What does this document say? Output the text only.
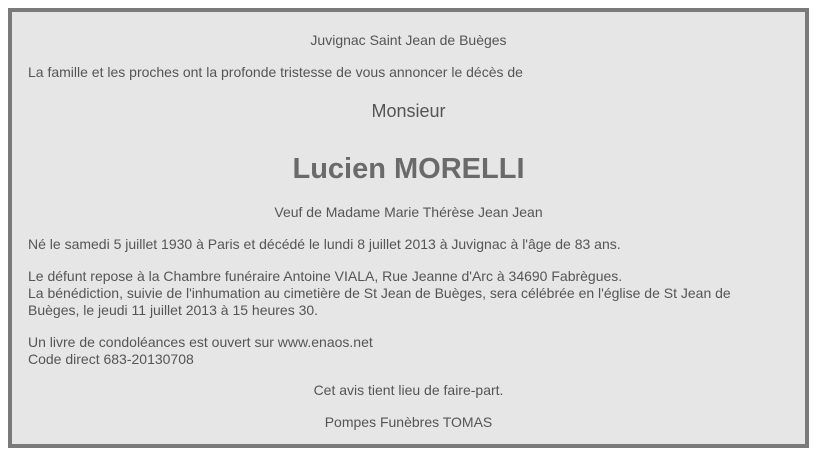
Juvignac Saint Jean de Buèges
La famille et les proches ont la profonde tristesse de vous annoncer le décès de
Monsieur
Lucien MORELLI
Veuf de Madame Marie Thérèse Jean Jean
Né le samedi 5 juillet 1930 à Paris et décédé le lundi 8 juillet 2013 à Juvignac à l'âge de 83 ans.
Le défunt repose à la Chambre funéraire Antoine VIALA, Rue Jeanne d'Arc à 34690 Fabrègues.
La bénédiction, suivie de l'inhumation au cimetière de St Jean de Buèges, sera célébrée en l'église de St Jean de
Buèges, le jeudi 11 juillet 2013 à 15 heures 30.
Un livre de condoléances est ouvert sur www.enaos.net
Code direct 683-20130708
Cet avis tient lieu de faire-part.
Pompes Funèbres TOMAS
